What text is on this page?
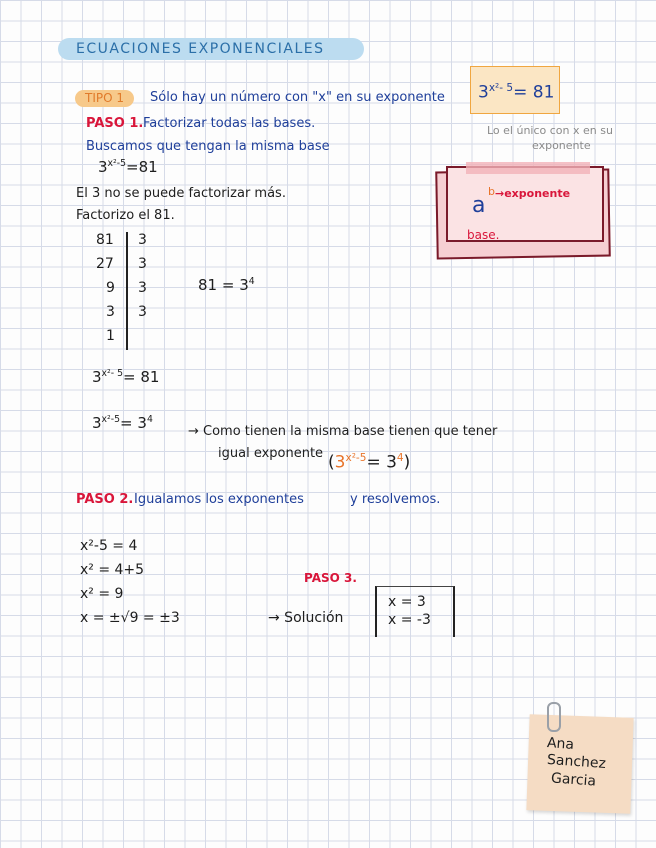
ECUACIONES EXPONENCIALES
TIPO 1	Sólo hay un número con "x" en su exponente $3^{x^2- 5}= 81$
Lo el único con x en su
exponente
a
b →exponente
base.
PASO 1. Factorizar todas las bases.
Buscamos que tengan la misma base
$3^{x^2-5}=81$
El 3 no se puede factorizar más.
Factorizo el 81.
81
27
9
3
1
3
3
3
3
$81 = 3^4$
$3^{x^2- 5}= 81$
$3^{x^2-5}= 3^4$
→ Como tienen la misma base tienen que tener
igual exponente $(3^{x^2-5}= 3^4)$
PASO 2. Igualamos los exponentes	y resolvemos.
x²-5 = 4
x² = 4+5
x² = 9
x = ±√9 = ±3
PASO 3.
→ Solución
x = 3
x = -3
Ana
Sanchez
Garcia
